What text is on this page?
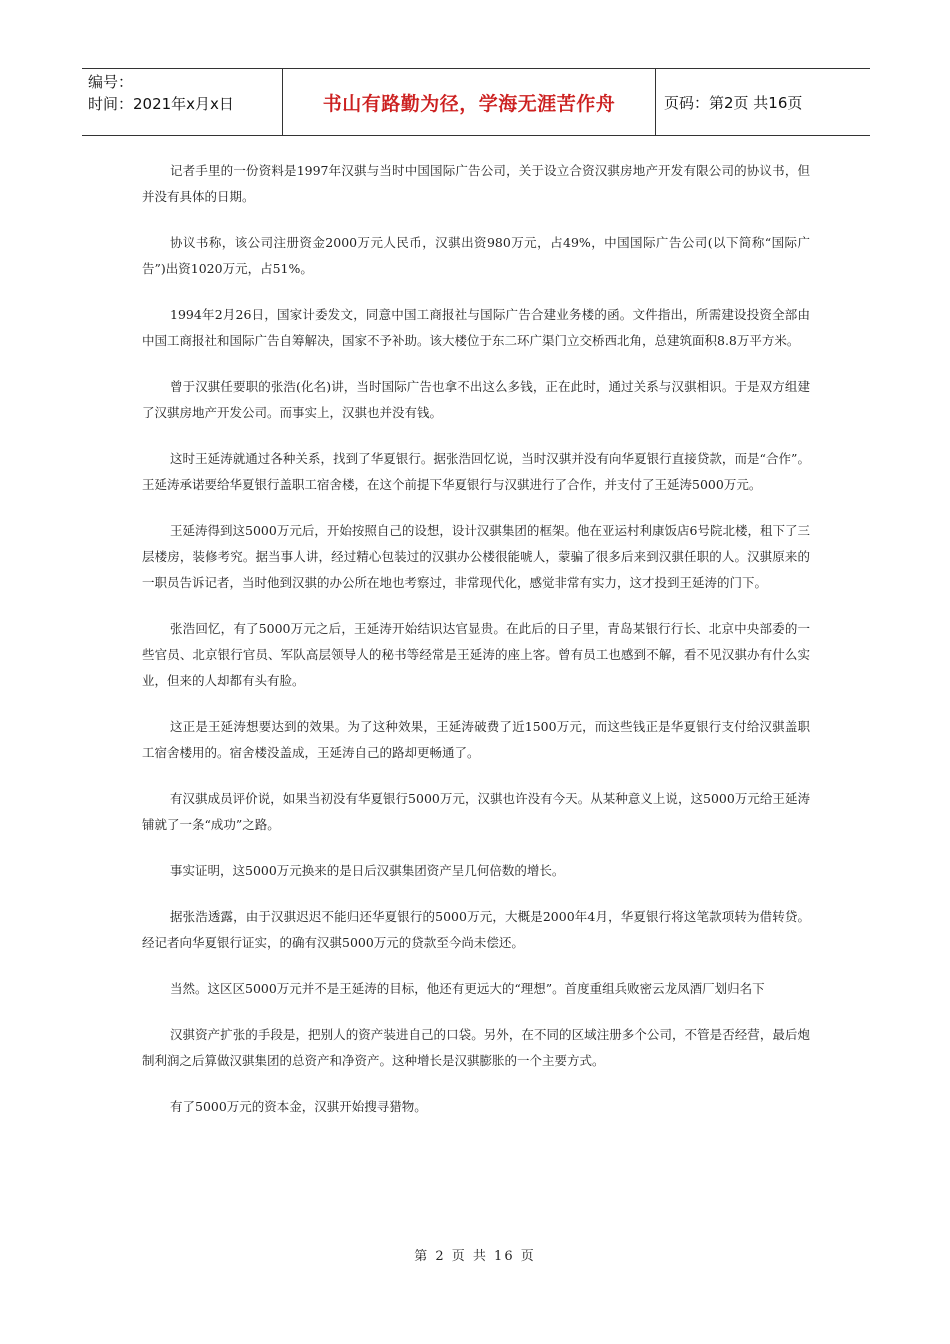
编号：
时间：2021年x月x日	书山有路勤为径，学海无涯苦作舟	页码：第2页 共16页

记者手里的一份资料是1997年汉骐与当时中国国际广告公司，关于设立合资汉骐房地产开发有限公司的协议书，但并没有具体的日期。

协议书称，该公司注册资金2000万元人民币，汉骐出资980万元，占49%，中国国际广告公司(以下简称“国际广告”)出资1020万元，占51%。

1994年2月26日，国家计委发文，同意中国工商报社与国际广告合建业务楼的函。文件指出，所需建设投资全部由中国工商报社和国际广告自筹解决，国家不予补助。该大楼位于东二环广渠门立交桥西北角，总建筑面积8.8万平方米。

曾于汉骐任要职的张浩(化名)讲，当时国际广告也拿不出这么多钱，正在此时，通过关系与汉骐相识。于是双方组建了汉骐房地产开发公司。而事实上，汉骐也并没有钱。

这时王延涛就通过各种关系，找到了华夏银行。据张浩回忆说，当时汉骐并没有向华夏银行直接贷款，而是“合作”。王延涛承诺要给华夏银行盖职工宿舍楼，在这个前提下华夏银行与汉骐进行了合作，并支付了王延涛5000万元。

王延涛得到这5000万元后，开始按照自己的设想，设计汉骐集团的框架。他在亚运村利康饭店6号院北楼，租下了三层楼房，装修考究。据当事人讲，经过精心包装过的汉骐办公楼很能唬人，蒙骗了很多后来到汉骐任职的人。汉骐原来的一职员告诉记者，当时他到汉骐的办公所在地也考察过，非常现代化，感觉非常有实力，这才投到王延涛的门下。

张浩回忆，有了5000万元之后，王延涛开始结识达官显贵。在此后的日子里，青岛某银行行长、北京中央部委的一些官员、北京银行官员、军队高层领导人的秘书等经常是王延涛的座上客。曾有员工也感到不解，看不见汉骐办有什么实业，但来的人却都有头有脸。

这正是王延涛想要达到的效果。为了这种效果，王延涛破费了近1500万元，而这些钱正是华夏银行支付给汉骐盖职工宿舍楼用的。宿舍楼没盖成，王延涛自己的路却更畅通了。

有汉骐成员评价说，如果当初没有华夏银行5000万元，汉骐也许没有今天。从某种意义上说，这5000万元给王延涛铺就了一条“成功”之路。

事实证明，这5000万元换来的是日后汉骐集团资产呈几何倍数的增长。

据张浩透露，由于汉骐迟迟不能归还华夏银行的5000万元，大概是2000年4月，华夏银行将这笔款项转为借转贷。经记者向华夏银行证实，的确有汉骐5000万元的贷款至今尚未偿还。

当然。这区区5000万元并不是王延涛的目标，他还有更远大的“理想”。首度重组兵败密云龙凤酒厂划归名下

汉骐资产扩张的手段是，把别人的资产装进自己的口袋。另外，在不同的区域注册多个公司，不管是否经营，最后炮制利润之后算做汉骐集团的总资产和净资产。这种增长是汉骐膨胀的一个主要方式。

有了5000万元的资本金，汉骐开始搜寻猎物。

第 2 页 共 16 页
